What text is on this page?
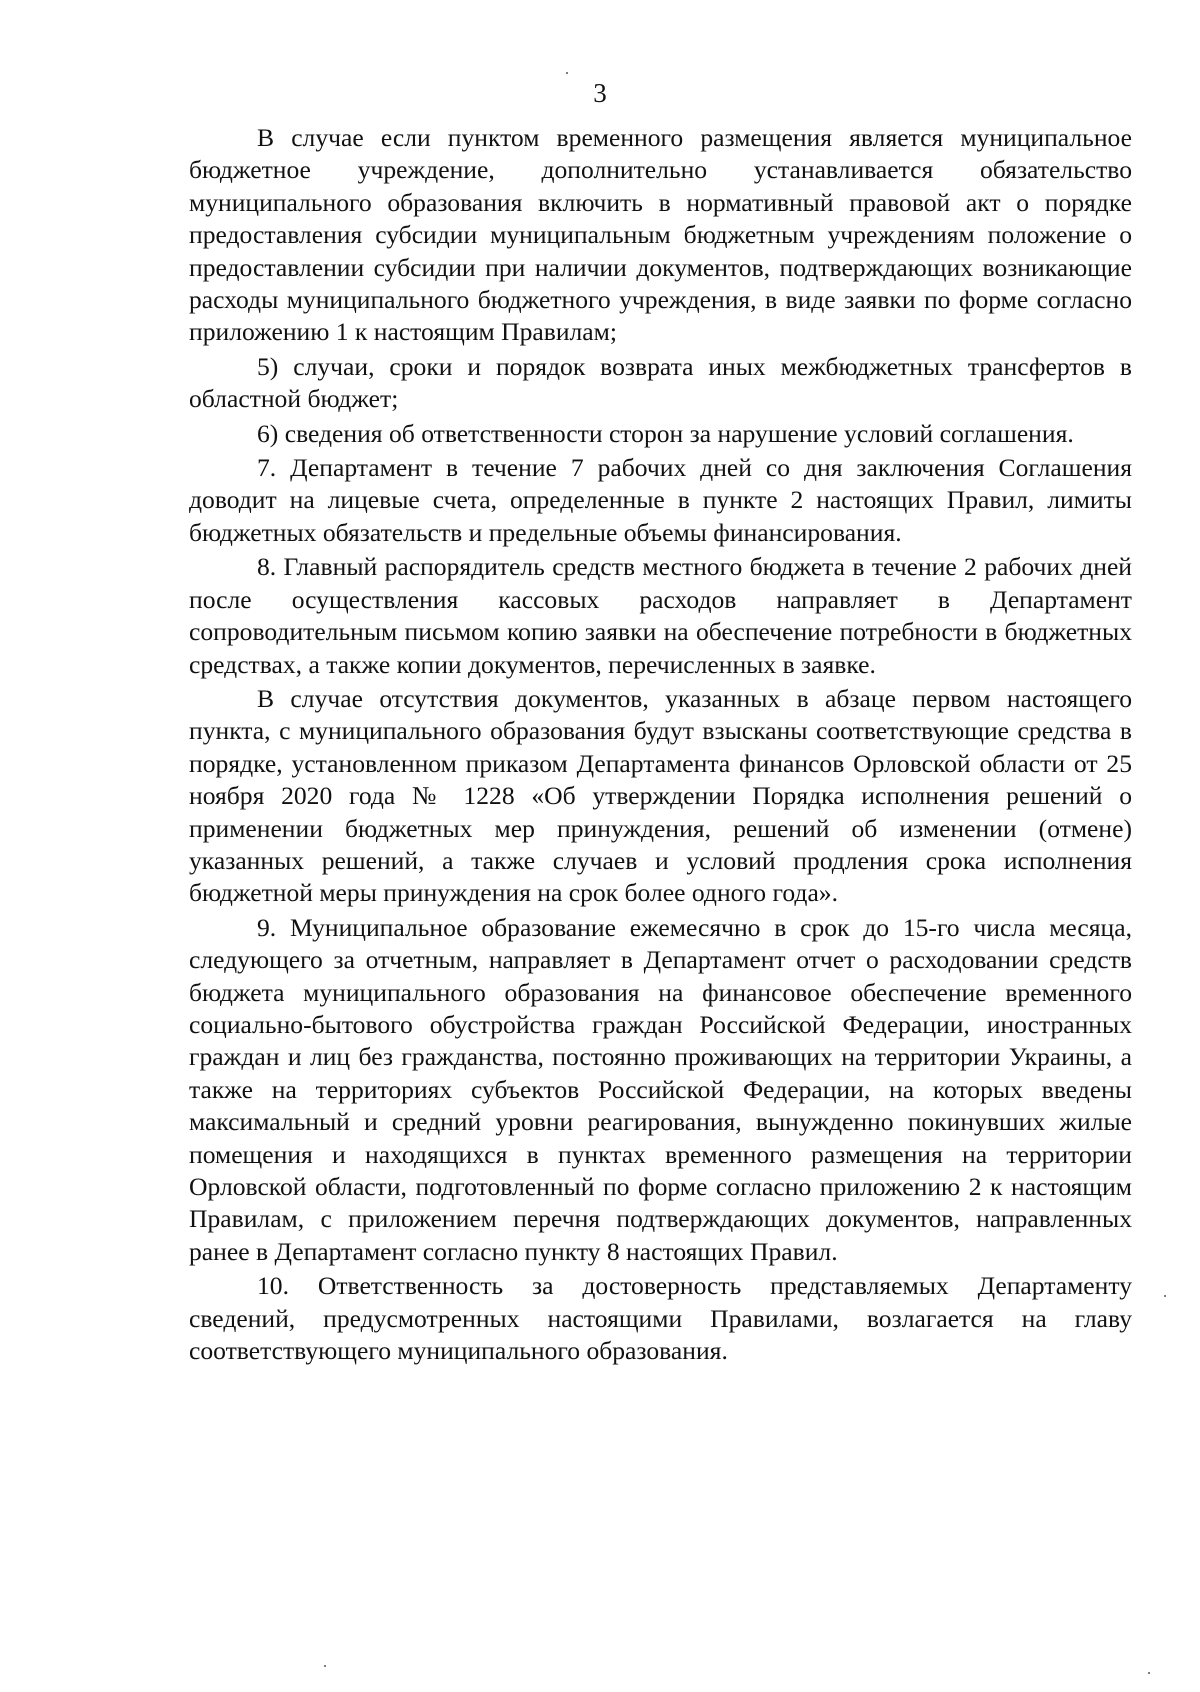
3

В случае если пунктом временного размещения является муниципальное бюджетное учреждение, дополнительно устанавливается обязательство муниципального образования включить в нормативный правовой акт о порядке предоставления субсидии муниципальным бюджетным учреждениям положение о предоставлении субсидии при наличии документов, подтверждающих возникающие расходы муниципального бюджетного учреждения, в виде заявки по форме согласно приложению 1 к настоящим Правилам;

5) случаи, сроки и порядок возврата иных межбюджетных трансфертов в областной бюджет;

6) сведения об ответственности сторон за нарушение условий соглашения.

7. Департамент в течение 7 рабочих дней со дня заключения Соглашения доводит на лицевые счета, определенные в пункте 2 настоящих Правил, лимиты бюджетных обязательств и предельные объемы финансирования.

8. Главный распорядитель средств местного бюджета в течение 2 рабочих дней после осуществления кассовых расходов направляет в Департамент сопроводительным письмом копию заявки на обеспечение потребности в бюджетных средствах, а также копии документов, перечисленных в заявке.

В случае отсутствия документов, указанных в абзаце первом настоящего пункта, с муниципального образования будут взысканы соответствующие средства в порядке, установленном приказом Департамента финансов Орловской области от 25 ноября 2020 года № 1228 «Об утверждении Порядка исполнения решений о применении бюджетных мер принуждения, решений об изменении (отмене) указанных решений, а также случаев и условий продления срока исполнения бюджетной меры принуждения на срок более одного года».

9. Муниципальное образование ежемесячно в срок до 15-го числа месяца, следующего за отчетным, направляет в Департамент отчет о расходовании средств бюджета муниципального образования на финансовое обеспечение временного социально-бытового обустройства граждан Российской Федерации, иностранных граждан и лиц без гражданства, постоянно проживающих на территории Украины, а также на территориях субъектов Российской Федерации, на которых введены максимальный и средний уровни реагирования, вынужденно покинувших жилые помещения и находящихся в пунктах временного размещения на территории Орловской области, подготовленный по форме согласно приложению 2 к настоящим Правилам, с приложением перечня подтверждающих документов, направленных ранее в Департамент согласно пункту 8 настоящих Правил.

10. Ответственность за достоверность представляемых Департаменту сведений, предусмотренных настоящими Правилами, возлагается на главу соответствующего муниципального образования.
